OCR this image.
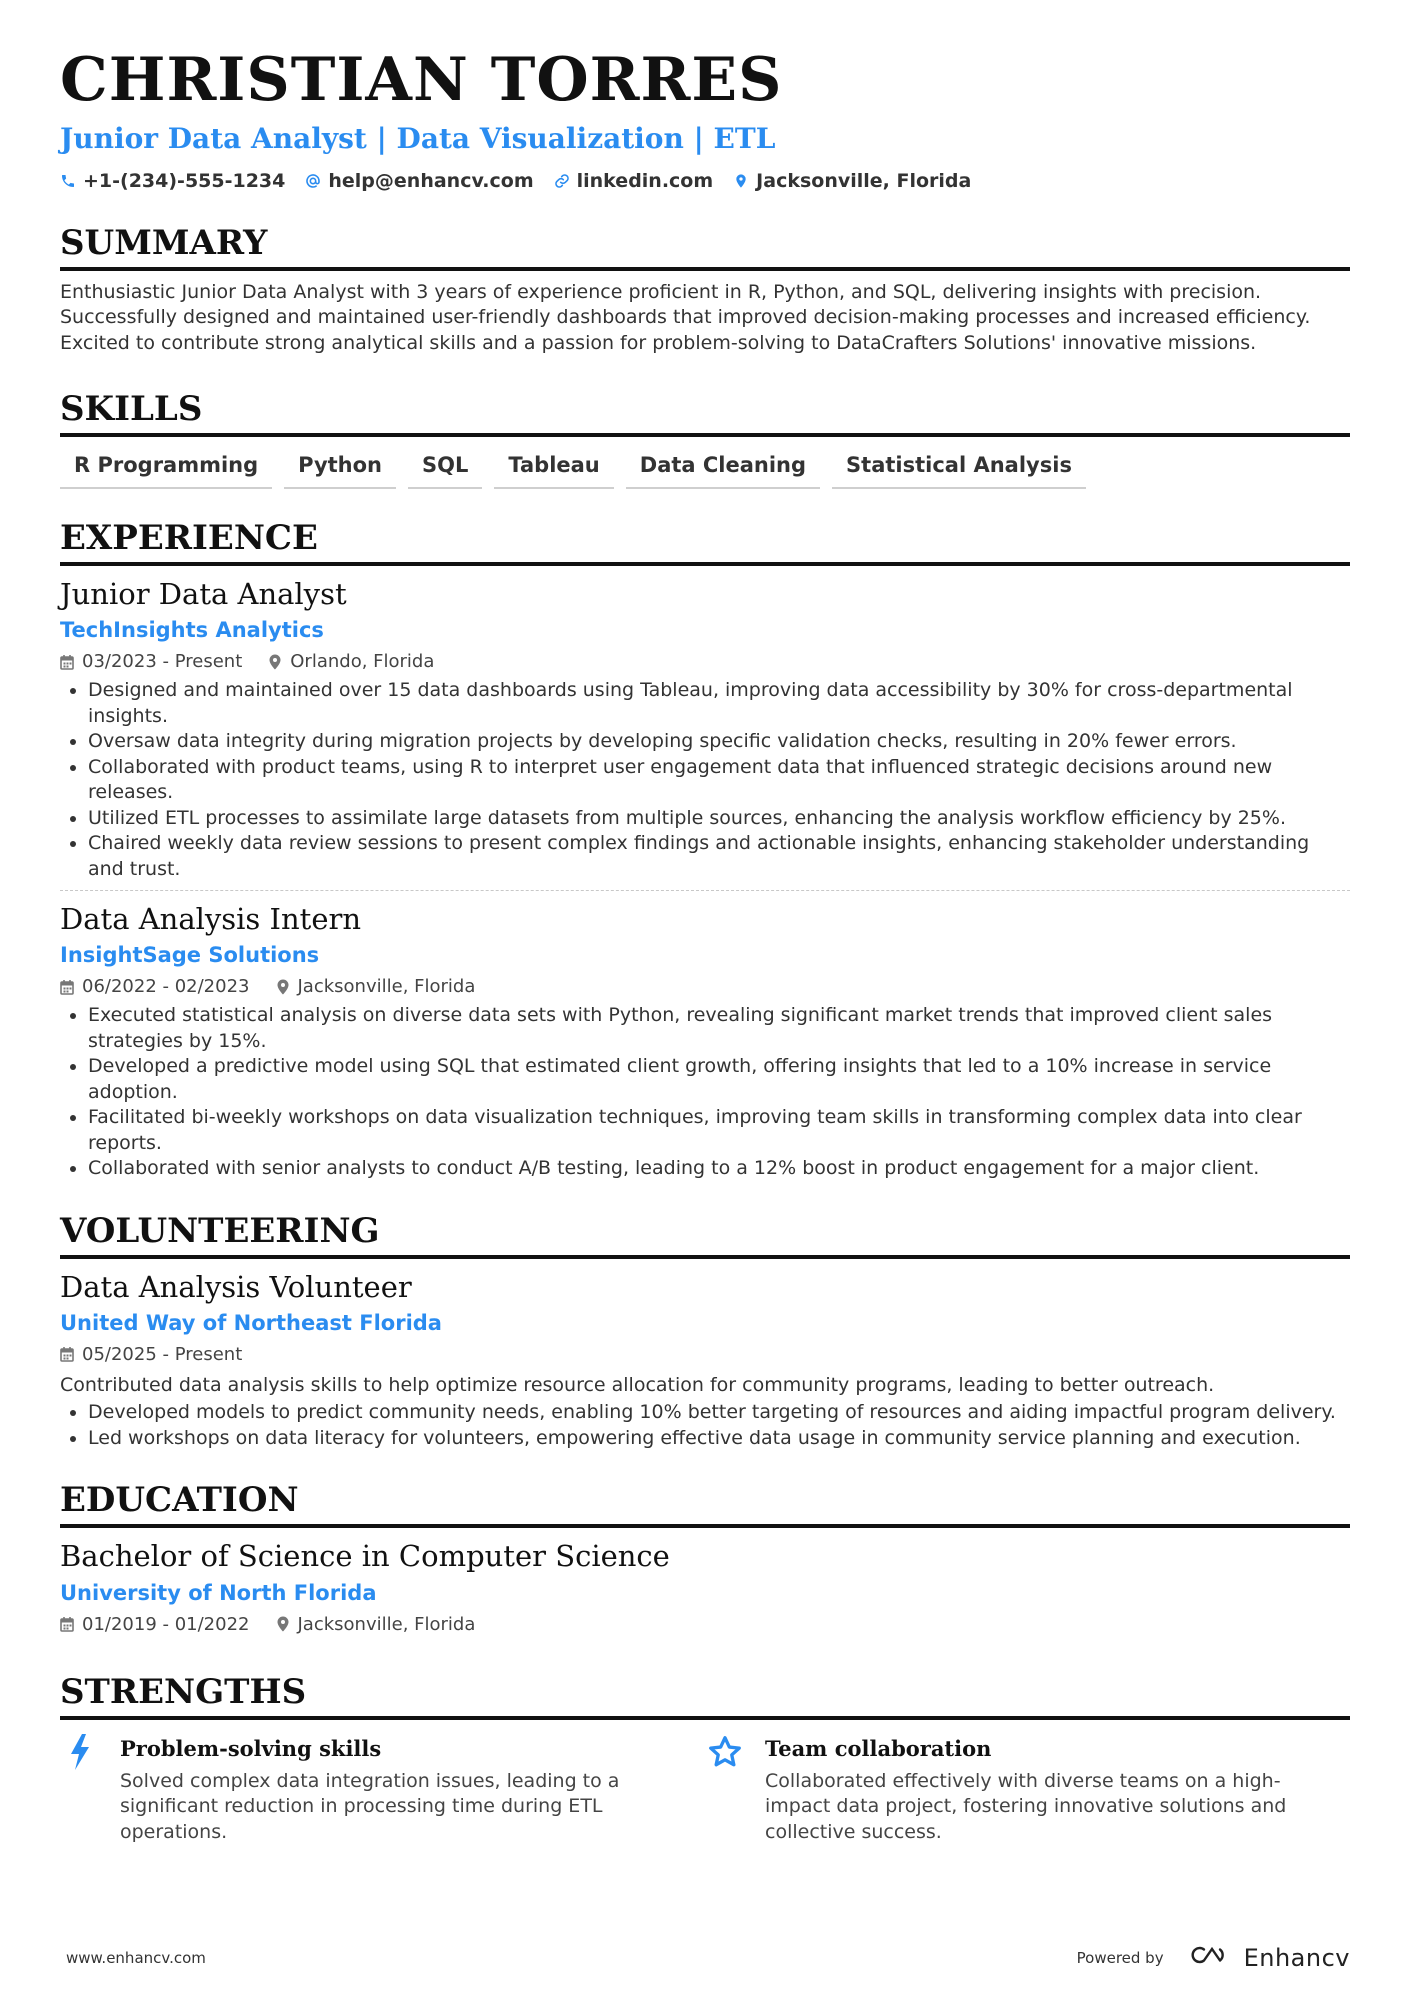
CHRISTIAN TORRES
Junior Data Analyst | Data Visualization | ETL
+1-(234)-555-1234 help@enhancv.com linkedin.com Jacksonville, Florida
SUMMARY
Enthusiastic Junior Data Analyst with 3 years of experience proficient in R, Python, and SQL, delivering insights with precision. Successfully designed and maintained user-friendly dashboards that improved decision-making processes and increased efficiency. Excited to contribute strong analytical skills and a passion for problem-solving to DataCrafters Solutions' innovative missions.
SKILLS
R Programming	Python	SQL	Tableau	Data Cleaning	Statistical Analysis
EXPERIENCE
Junior Data Analyst
TechInsights Analytics
03/2023 - Present	Orlando, Florida
• Designed and maintained over 15 data dashboards using Tableau, improving data accessibility by 30% for cross-departmental insights.
• Oversaw data integrity during migration projects by developing specific validation checks, resulting in 20% fewer errors.
• Collaborated with product teams, using R to interpret user engagement data that influenced strategic decisions around new releases.
• Utilized ETL processes to assimilate large datasets from multiple sources, enhancing the analysis workflow efficiency by 25%.
• Chaired weekly data review sessions to present complex findings and actionable insights, enhancing stakeholder understanding and trust.
Data Analysis Intern
InsightSage Solutions
06/2022 - 02/2023	Jacksonville, Florida
• Executed statistical analysis on diverse data sets with Python, revealing significant market trends that improved client sales strategies by 15%.
• Developed a predictive model using SQL that estimated client growth, offering insights that led to a 10% increase in service adoption.
• Facilitated bi-weekly workshops on data visualization techniques, improving team skills in transforming complex data into clear reports.
• Collaborated with senior analysts to conduct A/B testing, leading to a 12% boost in product engagement for a major client.
VOLUNTEERING
Data Analysis Volunteer
United Way of Northeast Florida
05/2025 - Present
Contributed data analysis skills to help optimize resource allocation for community programs, leading to better outreach.
• Developed models to predict community needs, enabling 10% better targeting of resources and aiding impactful program delivery.
• Led workshops on data literacy for volunteers, empowering effective data usage in community service planning and execution.
EDUCATION
Bachelor of Science in Computer Science
University of North Florida
01/2019 - 01/2022	Jacksonville, Florida
STRENGTHS
Problem-solving skills
Solved complex data integration issues, leading to a significant reduction in processing time during ETL operations.
Team collaboration
Collaborated effectively with diverse teams on a high-impact data project, fostering innovative solutions and collective success.
www.enhancv.com	Powered by	Enhancv
